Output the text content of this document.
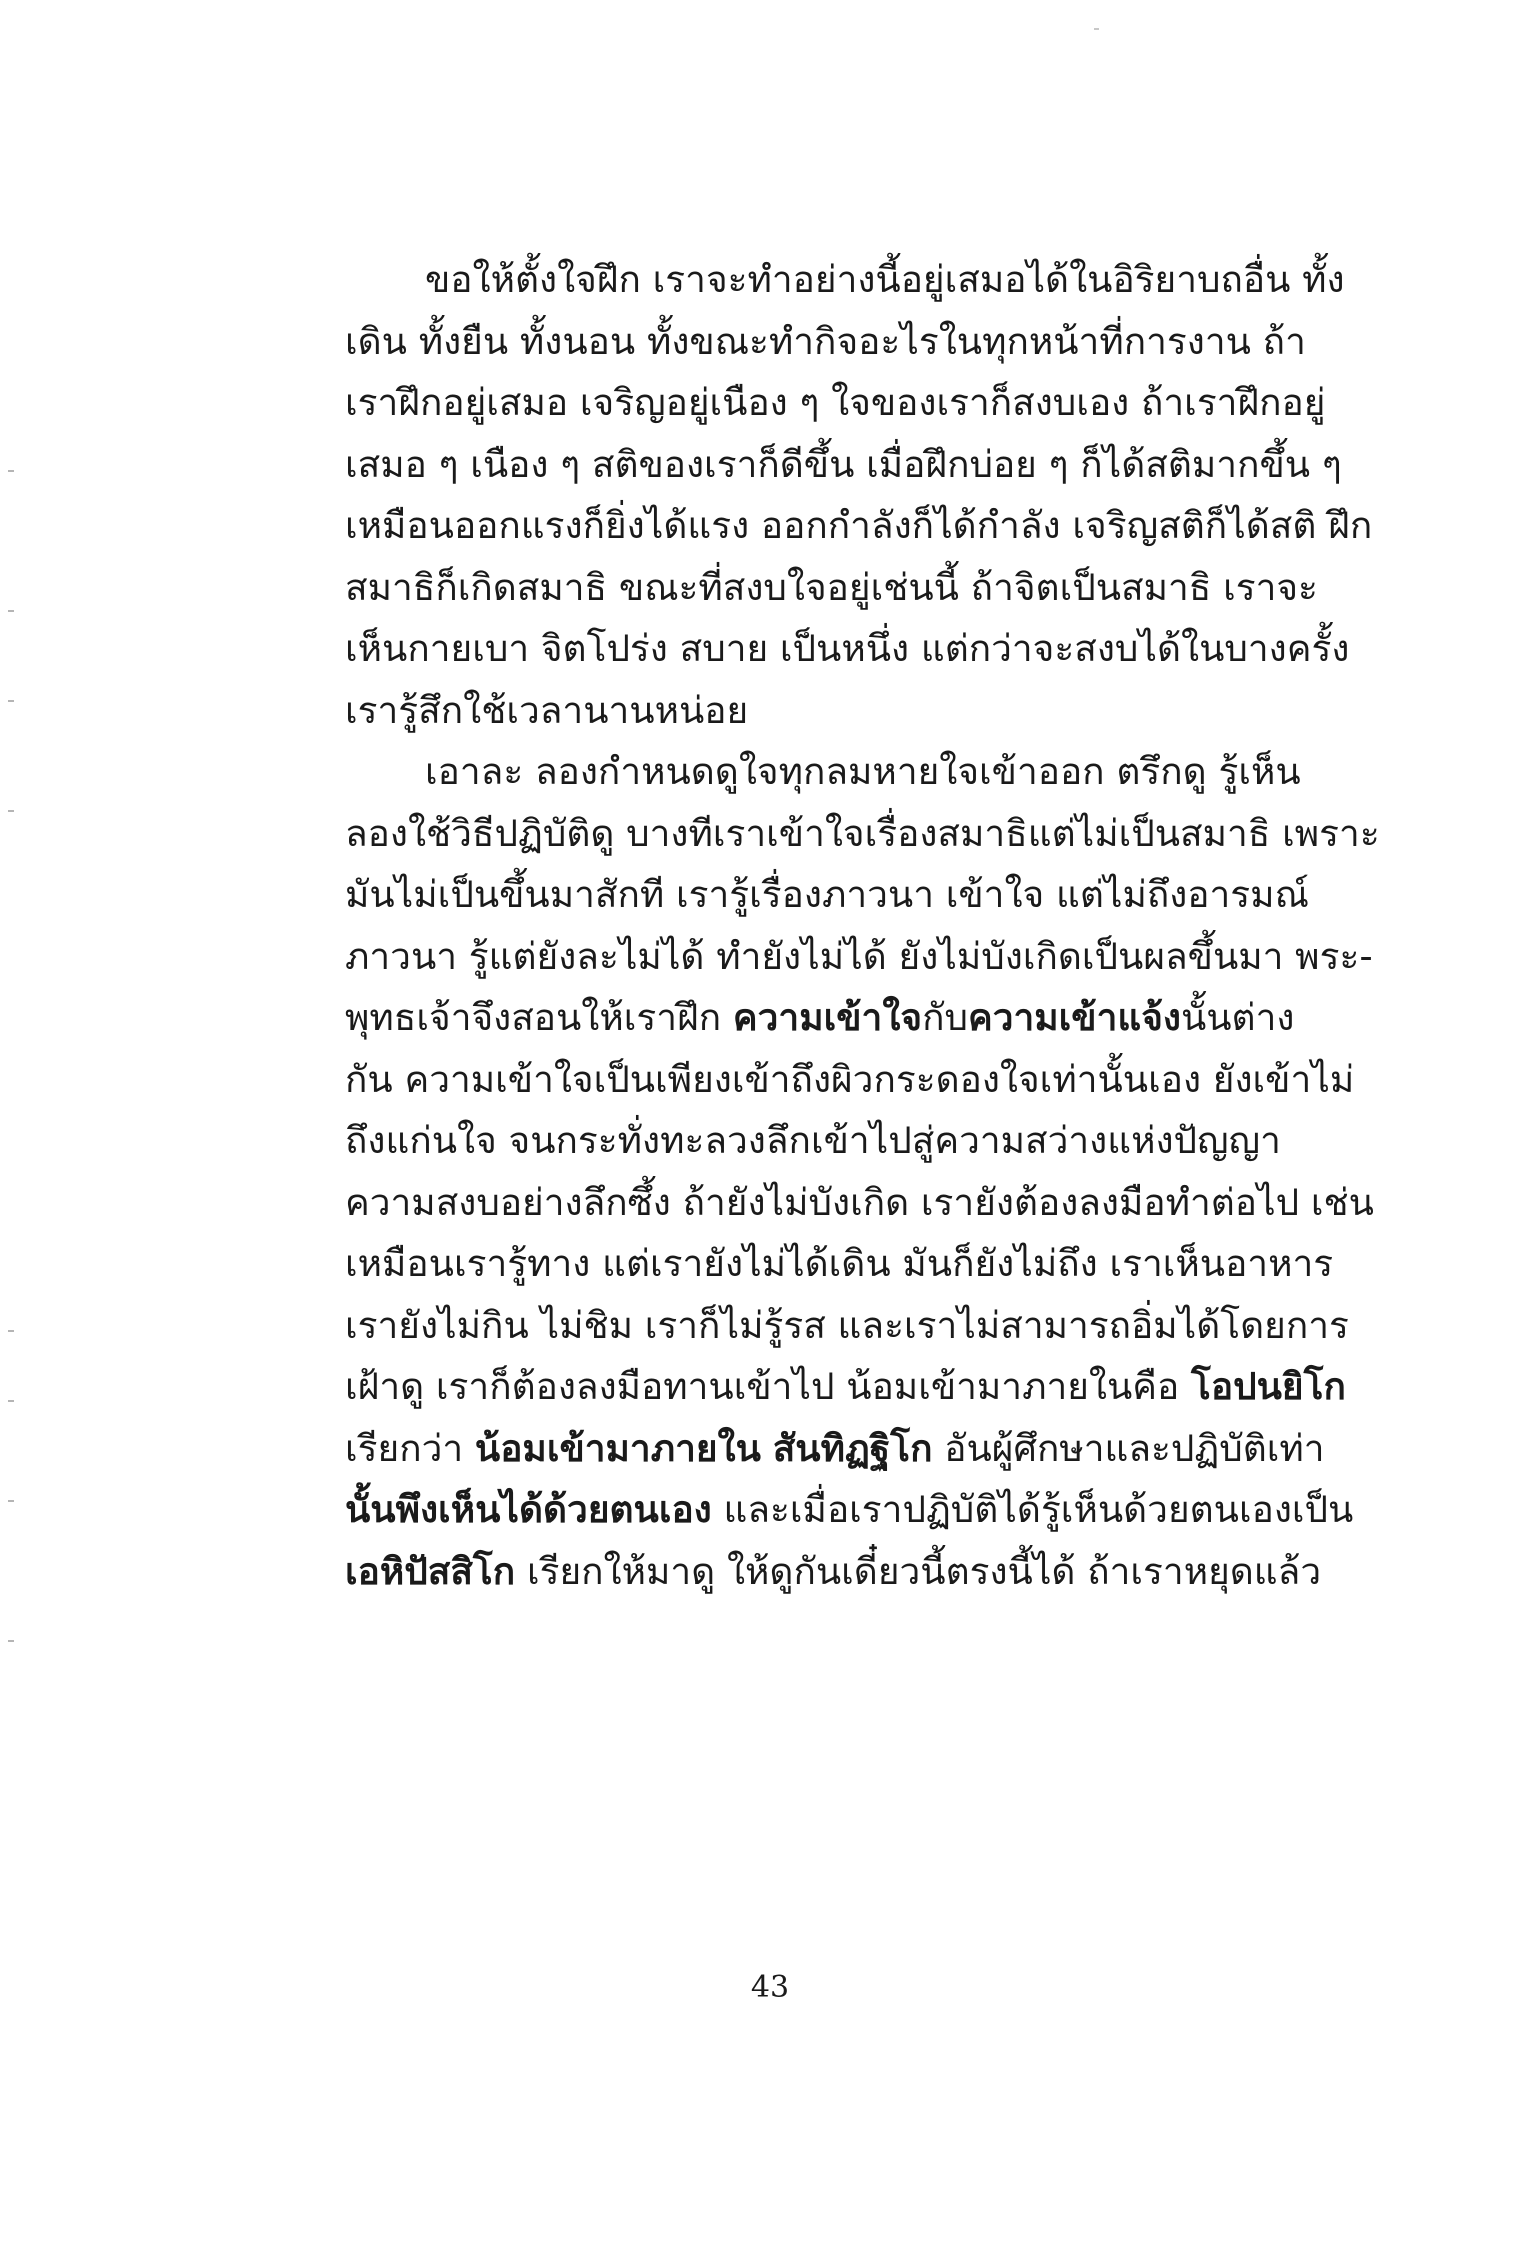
ขอให้ตั้งใจฝึก เราจะทำอย่างนี้อยู่เสมอได้ในอิริยาบถอื่น ทั้ง
เดิน ทั้งยืน ทั้งนอน ทั้งขณะทำกิจอะไรในทุกหน้าที่การงาน ถ้า
เราฝึกอยู่เสมอ เจริญอยู่เนือง ๆ ใจของเราก็สงบเอง ถ้าเราฝึกอยู่
เสมอ ๆ เนือง ๆ สติของเราก็ดีขึ้น เมื่อฝึกบ่อย ๆ ก็ได้สติมากขึ้น ๆ
เหมือนออกแรงก็ยิ่งได้แรง ออกกำลังก็ได้กำลัง เจริญสติก็ได้สติ ฝึก
สมาธิก็เกิดสมาธิ ขณะที่สงบใจอยู่เช่นนี้ ถ้าจิตเป็นสมาธิ เราจะ
เห็นกายเบา จิตโปร่ง สบาย เป็นหนึ่ง แต่กว่าจะสงบได้ในบางครั้ง
เรารู้สึกใช้เวลานานหน่อย
เอาละ ลองกำหนดดูใจทุกลมหายใจเข้าออก ตรึกดู รู้เห็น
ลองใช้วิธีปฏิบัติดู บางทีเราเข้าใจเรื่องสมาธิแต่ไม่เป็นสมาธิ เพราะ
มันไม่เป็นขึ้นมาสักที เรารู้เรื่องภาวนา เข้าใจ แต่ไม่ถึงอารมณ์
ภาวนา รู้แต่ยังละไม่ได้ ทำยังไม่ได้ ยังไม่บังเกิดเป็นผลขึ้นมา พระ-
พุทธเจ้าจึงสอนให้เราฝึก ความเข้าใจกับความเข้าแจ้งนั้นต่าง
กัน ความเข้าใจเป็นเพียงเข้าถึงผิวกระดองใจเท่านั้นเอง ยังเข้าไม่
ถึงแก่นใจ จนกระทั่งทะลวงลึกเข้าไปสู่ความสว่างแห่งปัญญา
ความสงบอย่างลึกซึ้ง ถ้ายังไม่บังเกิด เรายังต้องลงมือทำต่อไป เช่น
เหมือนเรารู้ทาง แต่เรายังไม่ได้เดิน มันก็ยังไม่ถึง เราเห็นอาหาร
เรายังไม่กิน ไม่ชิม เราก็ไม่รู้รส และเราไม่สามารถอิ่มได้โดยการ
เฝ้าดู เราก็ต้องลงมือทานเข้าไป น้อมเข้ามาภายในคือ โอปนยิโก
เรียกว่า น้อมเข้ามาภายใน สันทิฏฐิโก อันผู้ศึกษาและปฏิบัติเท่า
นั้นพึงเห็นได้ด้วยตนเอง และเมื่อเราปฏิบัติได้รู้เห็นด้วยตนเองเป็น
เอหิปัสสิโก เรียกให้มาดู ให้ดูกันเดี๋ยวนี้ตรงนี้ได้ ถ้าเราหยุดแล้ว
43
